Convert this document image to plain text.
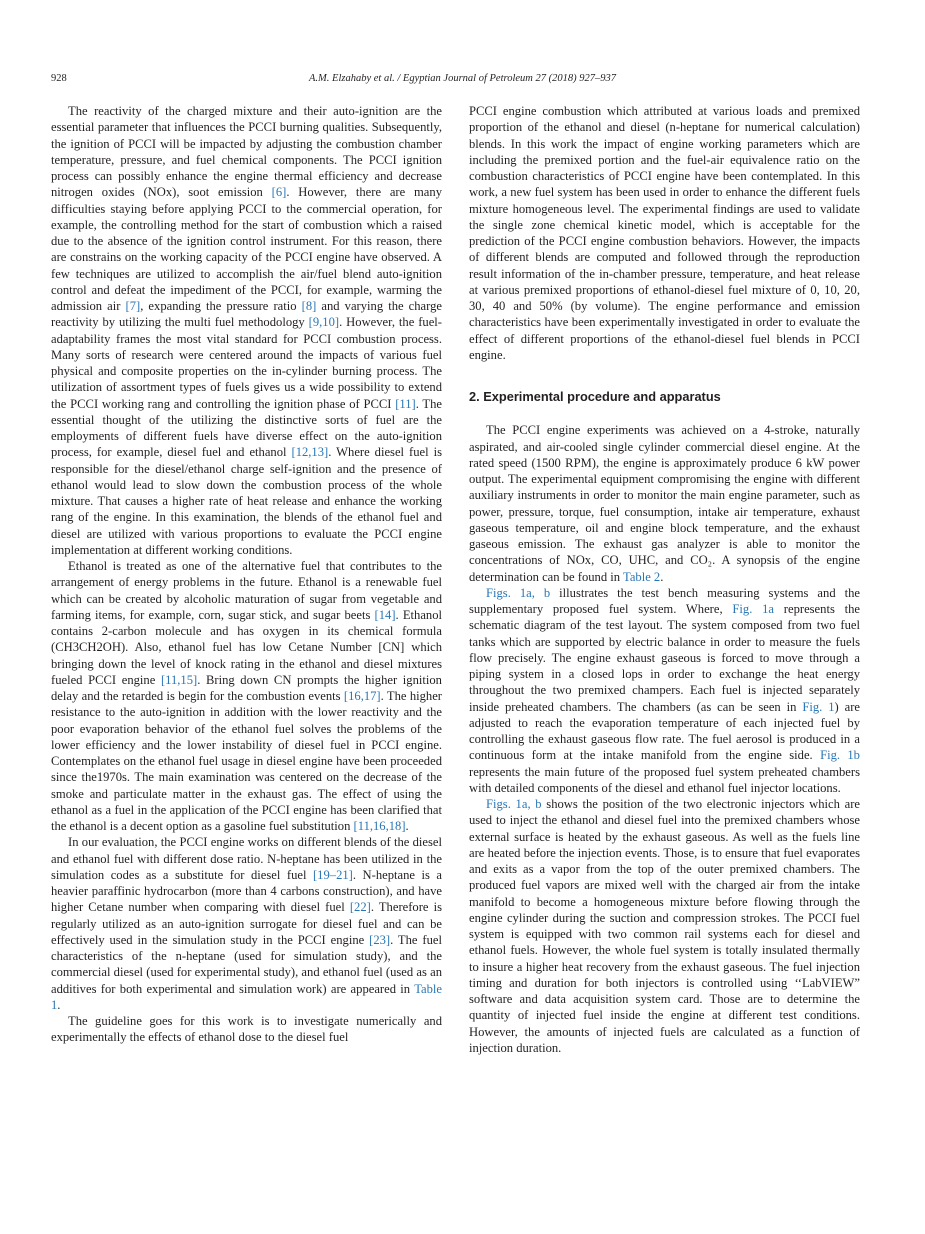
928	A.M. Elzahaby et al. / Egyptian Journal of Petroleum 27 (2018) 927–937

The reactivity of the charged mixture and their auto-ignition are the essential parameter that influences the PCCI burning qualities. Subsequently, the ignition of PCCI will be impacted by adjusting the combustion chamber temperature, pressure, and fuel chemical components. The PCCI ignition process can possibly enhance the engine thermal efficiency and decrease nitrogen oxides (NOx), soot emission [6]. However, there are many difficulties staying before applying PCCI to the commercial operation, for example, the controlling method for the start of combustion which a raised due to the absence of the ignition control instrument. For this reason, there are constrains on the working capacity of the PCCI engine have observed. A few techniques are utilized to accomplish the air/fuel blend auto-ignition control and defeat the impediment of the PCCI, for example, warming the admission air [7], expanding the pressure ratio [8] and varying the charge reactivity by utilizing the multi fuel methodology [9,10]. However, the fuel-adaptability frames the most vital standard for PCCI combustion process. Many sorts of research were centered around the impacts of various fuel physical and composite properties on the in-cylinder burning process. The utilization of assortment types of fuels gives us a wide possibility to extend the PCCI working rang and controlling the ignition phase of PCCI [11]. The essential thought of the utilizing the distinctive sorts of fuel are the employments of different fuels have diverse effect on the auto-ignition process, for example, diesel fuel and ethanol [12,13]. Where diesel fuel is responsible for the diesel/ethanol charge self-ignition and the presence of ethanol would lead to slow down the combustion process of the whole mixture. That causes a higher rate of heat release and enhance the working rang of the engine. In this examination, the blends of the ethanol fuel and diesel are utilized with various proportions to evaluate the PCCI engine implementation at different working conditions.

Ethanol is treated as one of the alternative fuel that contributes to the arrangement of energy problems in the future. Ethanol is a renewable fuel which can be created by alcoholic maturation of sugar from vegetable and farming items, for example, corn, sugar stick, and sugar beets [14]. Ethanol contains 2-carbon molecule and has oxygen in its chemical formula (CH3CH2OH). Also, ethanol fuel has low Cetane Number [CN] which bringing down the level of knock rating in the ethanol and diesel mixtures fueled PCCI engine [11,15]. Bring down CN prompts the higher ignition delay and the retarded is begin for the combustion events [16,17]. The higher resistance to the auto-ignition in addition with the lower reactivity and the poor evaporation behavior of the ethanol fuel solves the problems of the lower efficiency and the lower instability of diesel fuel in PCCI engine. Contemplates on the ethanol fuel usage in diesel engine have been proceeded since the1970s. The main examination was centered on the decrease of the smoke and particulate matter in the exhaust gas. The effect of using the ethanol as a fuel in the application of the PCCI engine has been clarified that the ethanol is a decent option as a gasoline fuel substitution [11,16,18].

In our evaluation, the PCCI engine works on different blends of the diesel and ethanol fuel with different dose ratio. N-heptane has been utilized in the simulation codes as a substitute for diesel fuel [19–21]. N-heptane is a heavier paraffinic hydrocarbon (more than 4 carbons construction), and have higher Cetane number when comparing with diesel fuel [22]. Therefore is regularly utilized as an auto-ignition surrogate for diesel fuel and can be effectively used in the simulation study in the PCCI engine [23]. The fuel characteristics of the n-heptane (used for simulation study), and the commercial diesel (used for experimental study), and ethanol fuel (used as an additives for both experimental and simulation work) are appeared in Table 1.

The guideline goes for this work is to investigate numerically and experimentally the effects of ethanol dose to the diesel fuel

PCCI engine combustion which attributed at various loads and premixed proportion of the ethanol and diesel (n-heptane for numerical calculation) blends. In this work the impact of engine working parameters which are including the premixed portion and the fuel-air equivalence ratio on the combustion characteristics of PCCI engine have been contemplated. In this work, a new fuel system has been used in order to enhance the different fuels mixture homogeneous level. The experimental findings are used to validate the single zone chemical kinetic model, which is acceptable for the prediction of the PCCI engine combustion behaviors. However, the impacts of different blends are computed and followed through the reproduction result information of the in-chamber pressure, temperature, and heat release at various premixed proportions of ethanol-diesel fuel mixture of 0, 10, 20, 30, 40 and 50% (by volume). The engine performance and emission characteristics have been experimentally investigated in order to evaluate the effect of different proportions of the ethanol-diesel fuel blends in PCCI engine.

2. Experimental procedure and apparatus

The PCCI engine experiments was achieved on a 4-stroke, naturally aspirated, and air-cooled single cylinder commercial diesel engine. At the rated speed (1500 RPM), the engine is approximately produce 6 kW power output. The experimental equipment compromising the engine with different auxiliary instruments in order to monitor the main engine parameter, such as power, pressure, torque, fuel consumption, intake air temperature, exhaust gaseous temperature, oil and engine block temperature, and the exhaust gaseous emission. The exhaust gas analyzer is able to monitor the concentrations of NOx, CO, UHC, and CO₂. A synopsis of the engine determination can be found in Table 2.

Figs. 1a, b illustrates the test bench measuring systems and the supplementary proposed fuel system. Where, Fig. 1a represents the schematic diagram of the test layout. The system composed from two fuel tanks which are supported by electric balance in order to measure the fuels flow precisely. The engine exhaust gaseous is forced to move through a piping system in a closed lops in order to exchange the heat energy throughout the two premixed champers. Each fuel is injected separately inside preheated chambers. The chambers (as can be seen in Fig. 1) are adjusted to reach the evaporation temperature of each injected fuel by controlling the exhaust gaseous flow rate. The fuel aerosol is produced in a continuous form at the intake manifold from the engine side. Fig. 1b represents the main future of the proposed fuel system preheated chambers with detailed components of the diesel and ethanol fuel injector locations.

Figs. 1a, b shows the position of the two electronic injectors which are used to inject the ethanol and diesel fuel into the premixed chambers whose external surface is heated by the exhaust gaseous. As well as the fuels line are heated before the injection events. Those, is to ensure that fuel evaporates and exits as a vapor from the top of the outer premixed chambers. The produced fuel vapors are mixed well with the charged air from the intake manifold to become a homogeneous mixture before flowing through the engine cylinder during the suction and compression strokes. The PCCI fuel system is equipped with two common rail systems each for diesel and ethanol fuels. However, the whole fuel system is totally insulated thermally to insure a higher heat recovery from the exhaust gaseous. The fuel injection timing and duration for both injectors is controlled using ‘‘LabVIEW” software and data acquisition system card. Those are to determine the quantity of injected fuel inside the engine at different test conditions. However, the amounts of injected fuels are calculated as a function of injection duration.
